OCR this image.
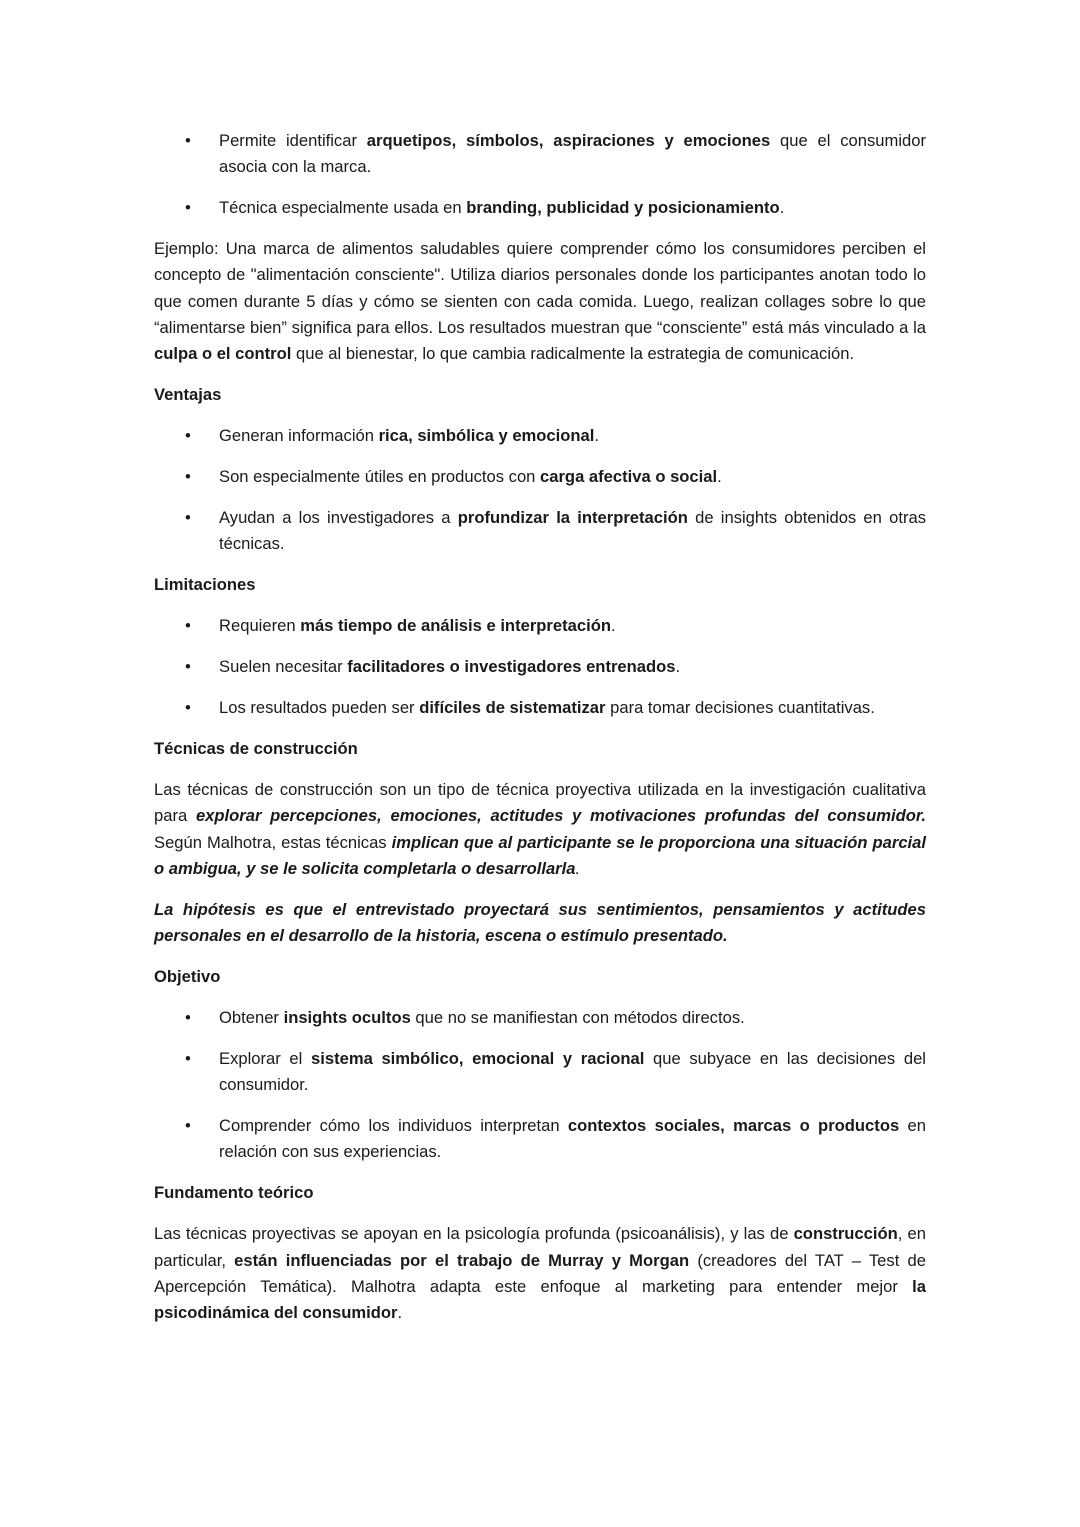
• Permite identificar arquetipos, símbolos, aspiraciones y emociones que el consumidor asocia con la marca.
• Técnica especialmente usada en branding, publicidad y posicionamiento.
Ejemplo: Una marca de alimentos saludables quiere comprender cómo los consumidores perciben el concepto de "alimentación consciente". Utiliza diarios personales donde los participantes anotan todo lo que comen durante 5 días y cómo se sienten con cada comida. Luego, realizan collages sobre lo que “alimentarse bien” significa para ellos. Los resultados muestran que “consciente” está más vinculado a la culpa o el control que al bienestar, lo que cambia radicalmente la estrategia de comunicación.
Ventajas
• Generan información rica, simbólica y emocional.
• Son especialmente útiles en productos con carga afectiva o social.
• Ayudan a los investigadores a profundizar la interpretación de insights obtenidos en otras técnicas.
Limitaciones
• Requieren más tiempo de análisis e interpretación.
• Suelen necesitar facilitadores o investigadores entrenados.
• Los resultados pueden ser difíciles de sistematizar para tomar decisiones cuantitativas.
Técnicas de construcción
Las técnicas de construcción son un tipo de técnica proyectiva utilizada en la investigación cualitativa para explorar percepciones, emociones, actitudes y motivaciones profundas del consumidor. Según Malhotra, estas técnicas implican que al participante se le proporciona una situación parcial o ambigua, y se le solicita completarla o desarrollarla.
La hipótesis es que el entrevistado proyectará sus sentimientos, pensamientos y actitudes personales en el desarrollo de la historia, escena o estímulo presentado.
Objetivo
• Obtener insights ocultos que no se manifiestan con métodos directos.
• Explorar el sistema simbólico, emocional y racional que subyace en las decisiones del consumidor.
• Comprender cómo los individuos interpretan contextos sociales, marcas o productos en relación con sus experiencias.
Fundamento teórico
Las técnicas proyectivas se apoyan en la psicología profunda (psicoanálisis), y las de construcción, en particular, están influenciadas por el trabajo de Murray y Morgan (creadores del TAT – Test de Apercepción Temática). Malhotra adapta este enfoque al marketing para entender mejor la psicodinámica del consumidor.
